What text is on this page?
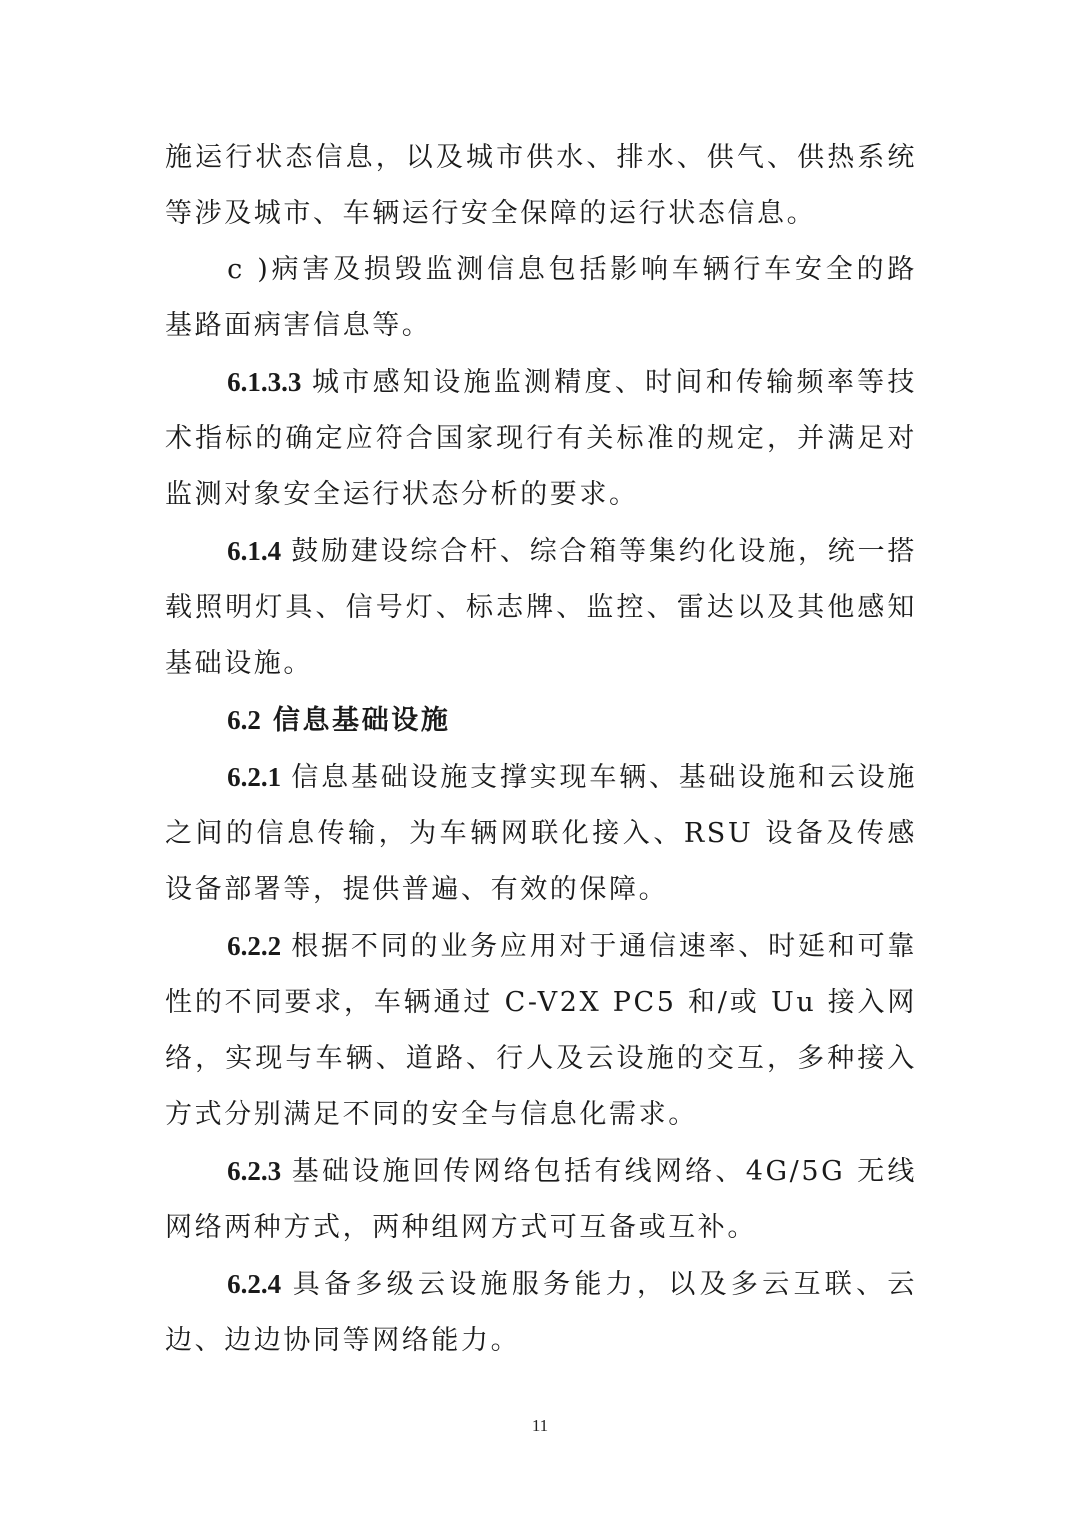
施运行状态信息，以及城市供水、排水、供气、供热系统等涉及城市、车辆运行安全保障的运行状态信息。

c )病害及损毁监测信息包括影响车辆行车安全的路基路面病害信息等。

6.1.3.3 城市感知设施监测精度、时间和传输频率等技术指标的确定应符合国家现行有关标准的规定，并满足对监测对象安全运行状态分析的要求。

6.1.4 鼓励建设综合杆、综合箱等集约化设施，统一搭载照明灯具、信号灯、标志牌、监控、雷达以及其他感知基础设施。

6.2 信息基础设施

6.2.1 信息基础设施支撑实现车辆、基础设施和云设施之间的信息传输，为车辆网联化接入、RSU 设备及传感设备部署等，提供普遍、有效的保障。

6.2.2 根据不同的业务应用对于通信速率、时延和可靠性的不同要求，车辆通过 C-V2X PC5 和/或 Uu 接入网络，实现与车辆、道路、行人及云设施的交互，多种接入方式分别满足不同的安全与信息化需求。

6.2.3 基础设施回传网络包括有线网络、4G/5G 无线网络两种方式，两种组网方式可互备或互补。

6.2.4 具备多级云设施服务能力，以及多云互联、云边、边边协同等网络能力。

11
